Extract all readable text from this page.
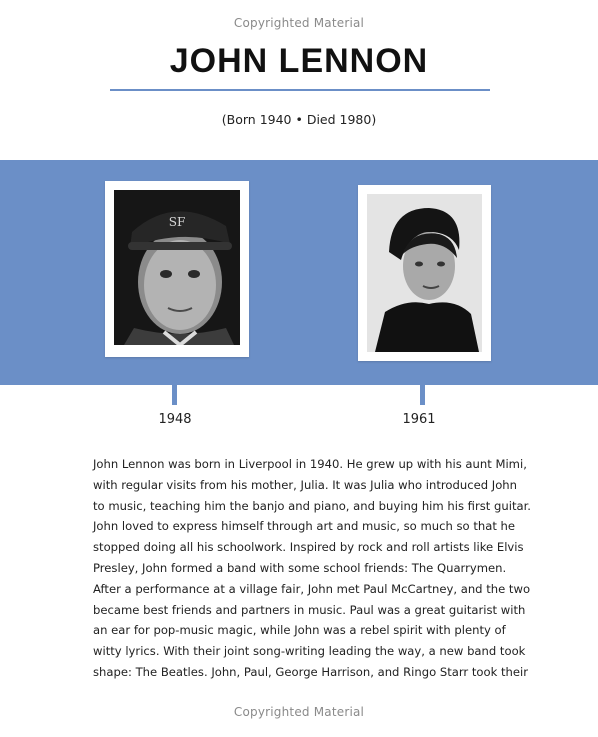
Copyrighted Material
JOHN LENNON
(Born 1940 • Died 1980)
SF
1948	1961

John Lennon was born in Liverpool in 1940. He grew up with his aunt Mimi,
with regular visits from his mother, Julia. It was Julia who introduced John
to music, teaching him the banjo and piano, and buying him his first guitar.
John loved to express himself through art and music, so much so that he
stopped doing all his schoolwork. Inspired by rock and roll artists like Elvis
Presley, John formed a band with some school friends: The Quarrymen.
After a performance at a village fair, John met Paul McCartney, and the two
became best friends and partners in music. Paul was a great guitarist with
an ear for pop-music magic, while John was a rebel spirit with plenty of
witty lyrics. With their joint song-writing leading the way, a new band took
shape: The Beatles. John, Paul, George Harrison, and Ringo Starr took their

Copyrighted Material
